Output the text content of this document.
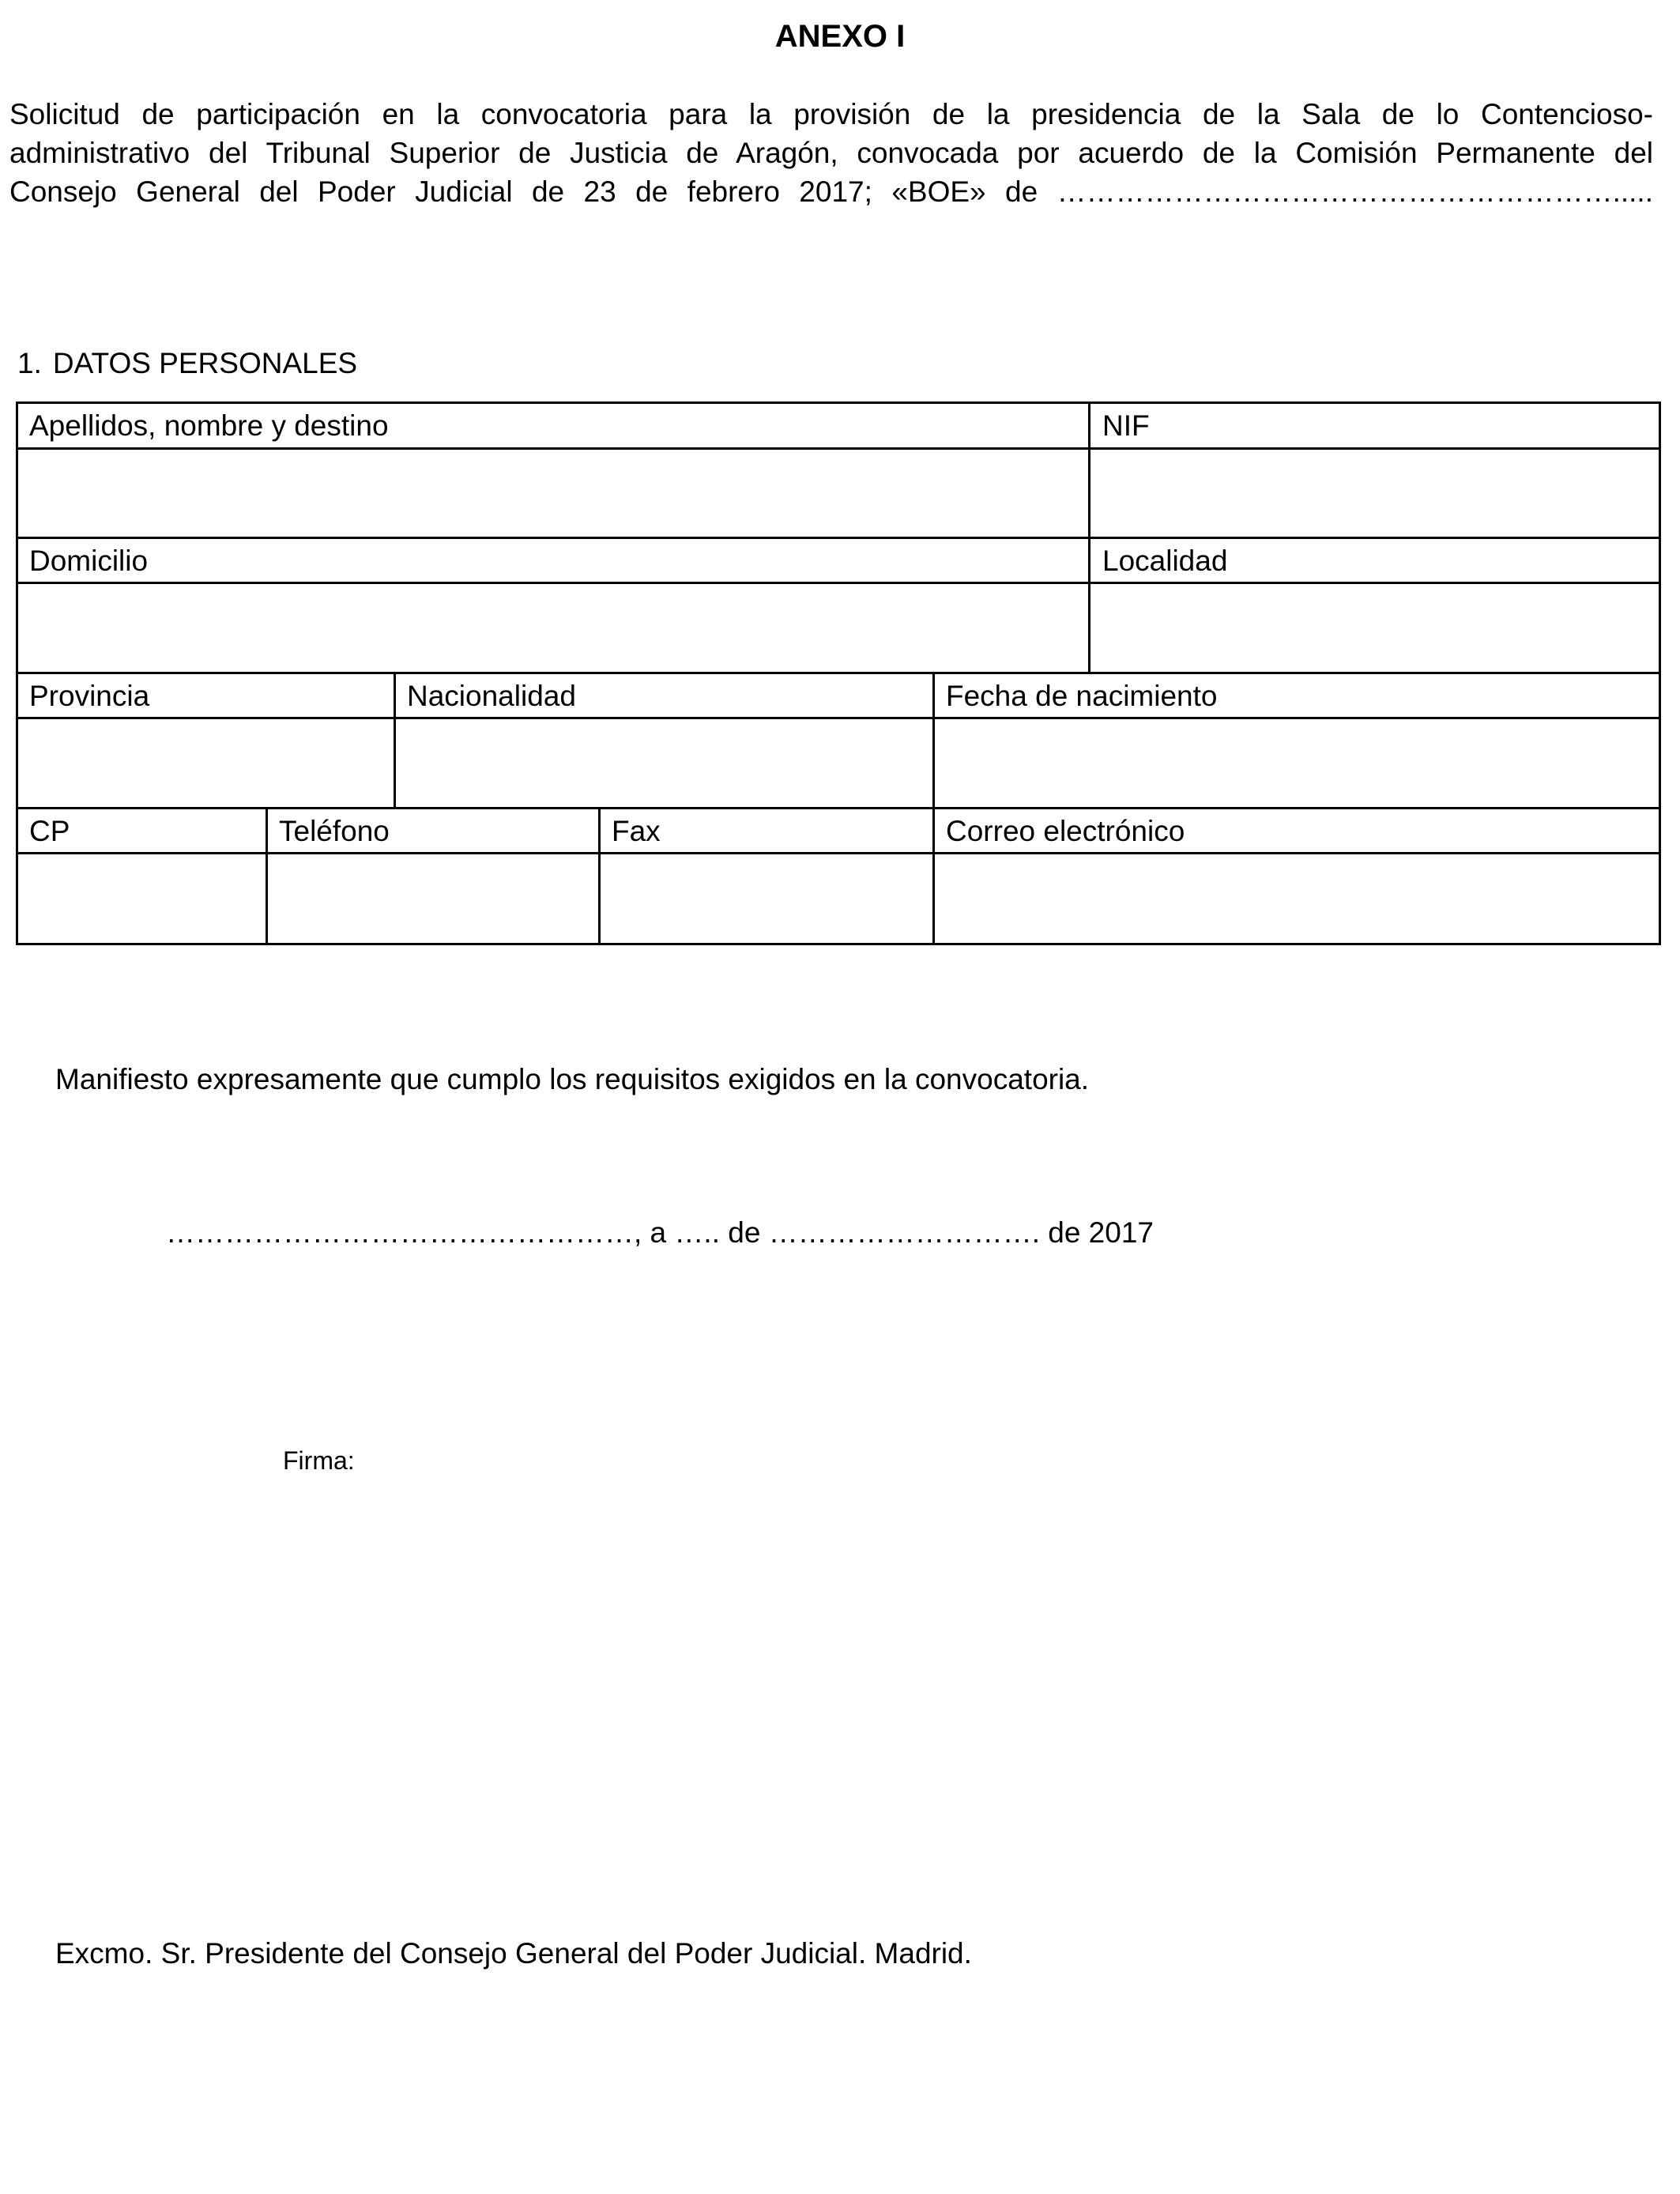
ANEXO I
Solicitud de participación en la convocatoria para la provisión de la presidencia de la Sala de lo Contencioso-
administrativo del Tribunal Superior de Justicia de Aragón, convocada por acuerdo de la Comisión Permanente del
Consejo General del Poder Judicial de 23 de febrero 2017; «BOE» de ………………………………………………….....
1. DATOS PERSONALES
Apellidos, nombre y destino	NIF
Domicilio	Localidad
Provincia	Nacionalidad	Fecha de nacimiento
CP	Teléfono	Fax	Correo electrónico
Manifiesto expresamente que cumplo los requisitos exigidos en la convocatoria.
…………………………………………, a ….. de ………………………. de 2017
Firma:
Excmo. Sr. Presidente del Consejo General del Poder Judicial. Madrid.
